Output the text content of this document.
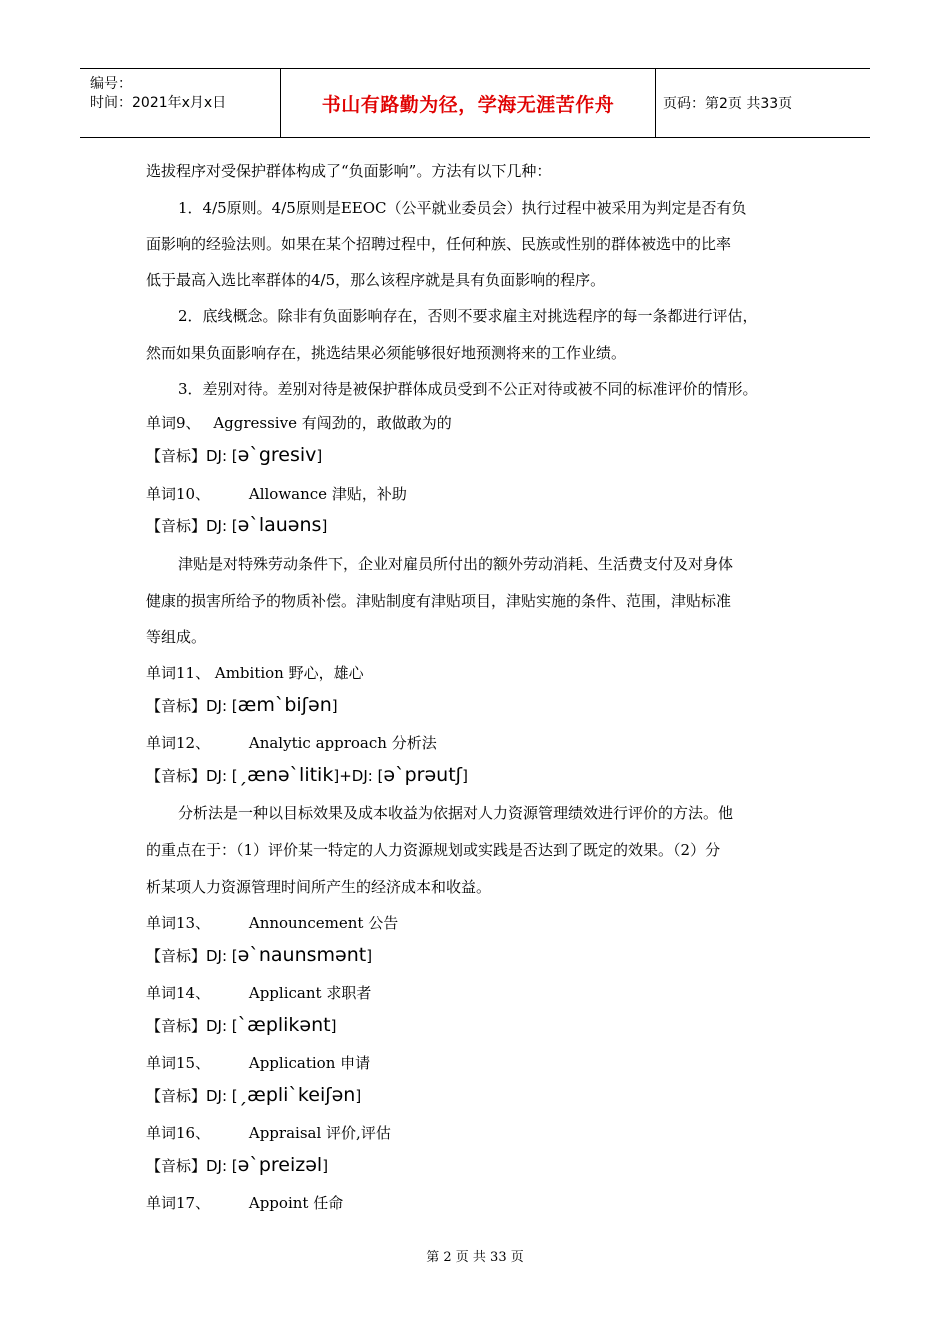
编号：
时间：2021年x月x日	书山有路勤为径，学海无涯苦作舟	页码：第2页 共33页
选拔程序对受保护群体构成了“负面影响”。方法有以下几种：
1．4/5原则。4/5原则是EEOC（公平就业委员会）执行过程中被采用为判定是否有负
面影响的经验法则。如果在某个招聘过程中，任何种族、民族或性别的群体被选中的比率
低于最高入选比率群体的4/5，那么该程序就是具有负面影响的程序。
2．底线概念。除非有负面影响存在，否则不要求雇主对挑选程序的每一条都进行评估，
然而如果负面影响存在，挑选结果必须能够很好地预测将来的工作业绩。
3．差别对待。差别对待是被保护群体成员受到不公正对待或被不同的标准评价的情形。
单词9、 Aggressive 有闯劲的，敢做敢为的
【音标】DJ: [ə`gresiv]
单词10、	Allowance 津贴，补助
【音标】DJ: [ə`lauəns]
津贴是对特殊劳动条件下，企业对雇员所付出的额外劳动消耗、生活费支付及对身体
健康的损害所给予的物质补偿。津贴制度有津贴项目，津贴实施的条件、范围，津贴标准
等组成。
单词11、 Ambition 野心，雄心
【音标】DJ: [æm`biʃən]
单词12、	Analytic approach 分析法
【音标】DJ: [ˏænə`litik]+DJ: [ə`prəutʃ]
分析法是一种以目标效果及成本收益为依据对人力资源管理绩效进行评价的方法。他
的重点在于：（1）评价某一特定的人力资源规划或实践是否达到了既定的效果。（2）分
析某项人力资源管理时间所产生的经济成本和收益。
单词13、	Announcement 公告
【音标】DJ: [ə`naunsmənt]
单词14、	Applicant 求职者
【音标】DJ: [`æplikənt]
单词15、	Application 申请
【音标】DJ: [ˏæpli`keiʃən]
单词16、	Appraisal 评价,评估
【音标】DJ: [ə`preizəl]
单词17、	Appoint 任命
第 2 页 共 33 页
